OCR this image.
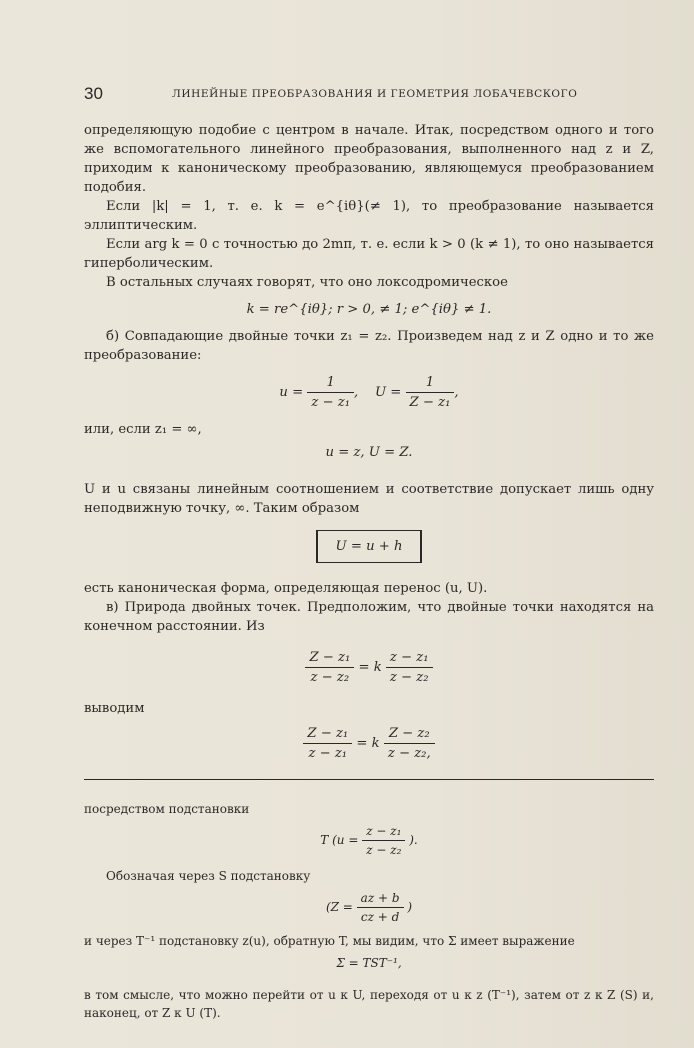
30	ЛИНЕЙНЫЕ ПРЕОБРАЗОВАНИЯ И ГЕОМЕТРИЯ ЛОБАЧЕВСКОГО

определяющую подобие с центром в начале. Итак, посредством одного и того же вспомогательного линейного преобразования, выполненного над z и Z, приходим к каноническому преобразованию, являющемуся преобразованием подобия.

Если |k| = 1, т. е. k = e^{iθ}(≠ 1), то преобразование называется эллиптическим.

Если arg k = 0 с точностью до 2mπ, т. е. если k > 0 (k ≠ 1), то оно называется гиперболическим.

В остальных случаях говорят, что оно локсодромическое

k = re^{iθ}; r > 0, ≠ 1; e^{iθ} ≠ 1.

б) Совпадающие двойные точки z₁ = z₂. Произведем над z и Z одно и то же преобразование:

$u = \frac{1}{\text{z − z₁}}$ ,    $U = \frac{1}{\text{Z − z₁}}$ ,

или, если z₁ = ∞,

u = z, U = Z.

U и u связаны линейным соотношением и соответствие допускает лишь одну неподвижную точку, ∞. Таким образом

U = u + h

есть каноническая форма, определяющая перенос (u, U).

в) Природа двойных точек. Предположим, что двойные точки находятся на конечном расстоянии. Из

$\frac{\text{Z − z₁}}{\text{z − z₂}} = k \frac{\text{z − z₁}}{\text{z − z₂}}$

выводим

$\frac{\text{Z − z₁}}{\text{z − z₁}} = k \frac{\text{Z − z₂}}{\text{z − z₂,}}$

посредством подстановки

T ($u = \frac{\text{z − z₁}}{\text{z − z₂}}$ ).

Обозначая через S подстановку

($Z = \frac{az + b}{cz + d}$ )

и через T⁻¹ подстановку z(u), обратную T, мы видим, что Σ имеет выражение

Σ = TST⁻¹,

в том смысле, что можно перейти от u к U, переходя от u к z (T⁻¹), затем от z к Z (S) и, наконец, от Z к U (T).
